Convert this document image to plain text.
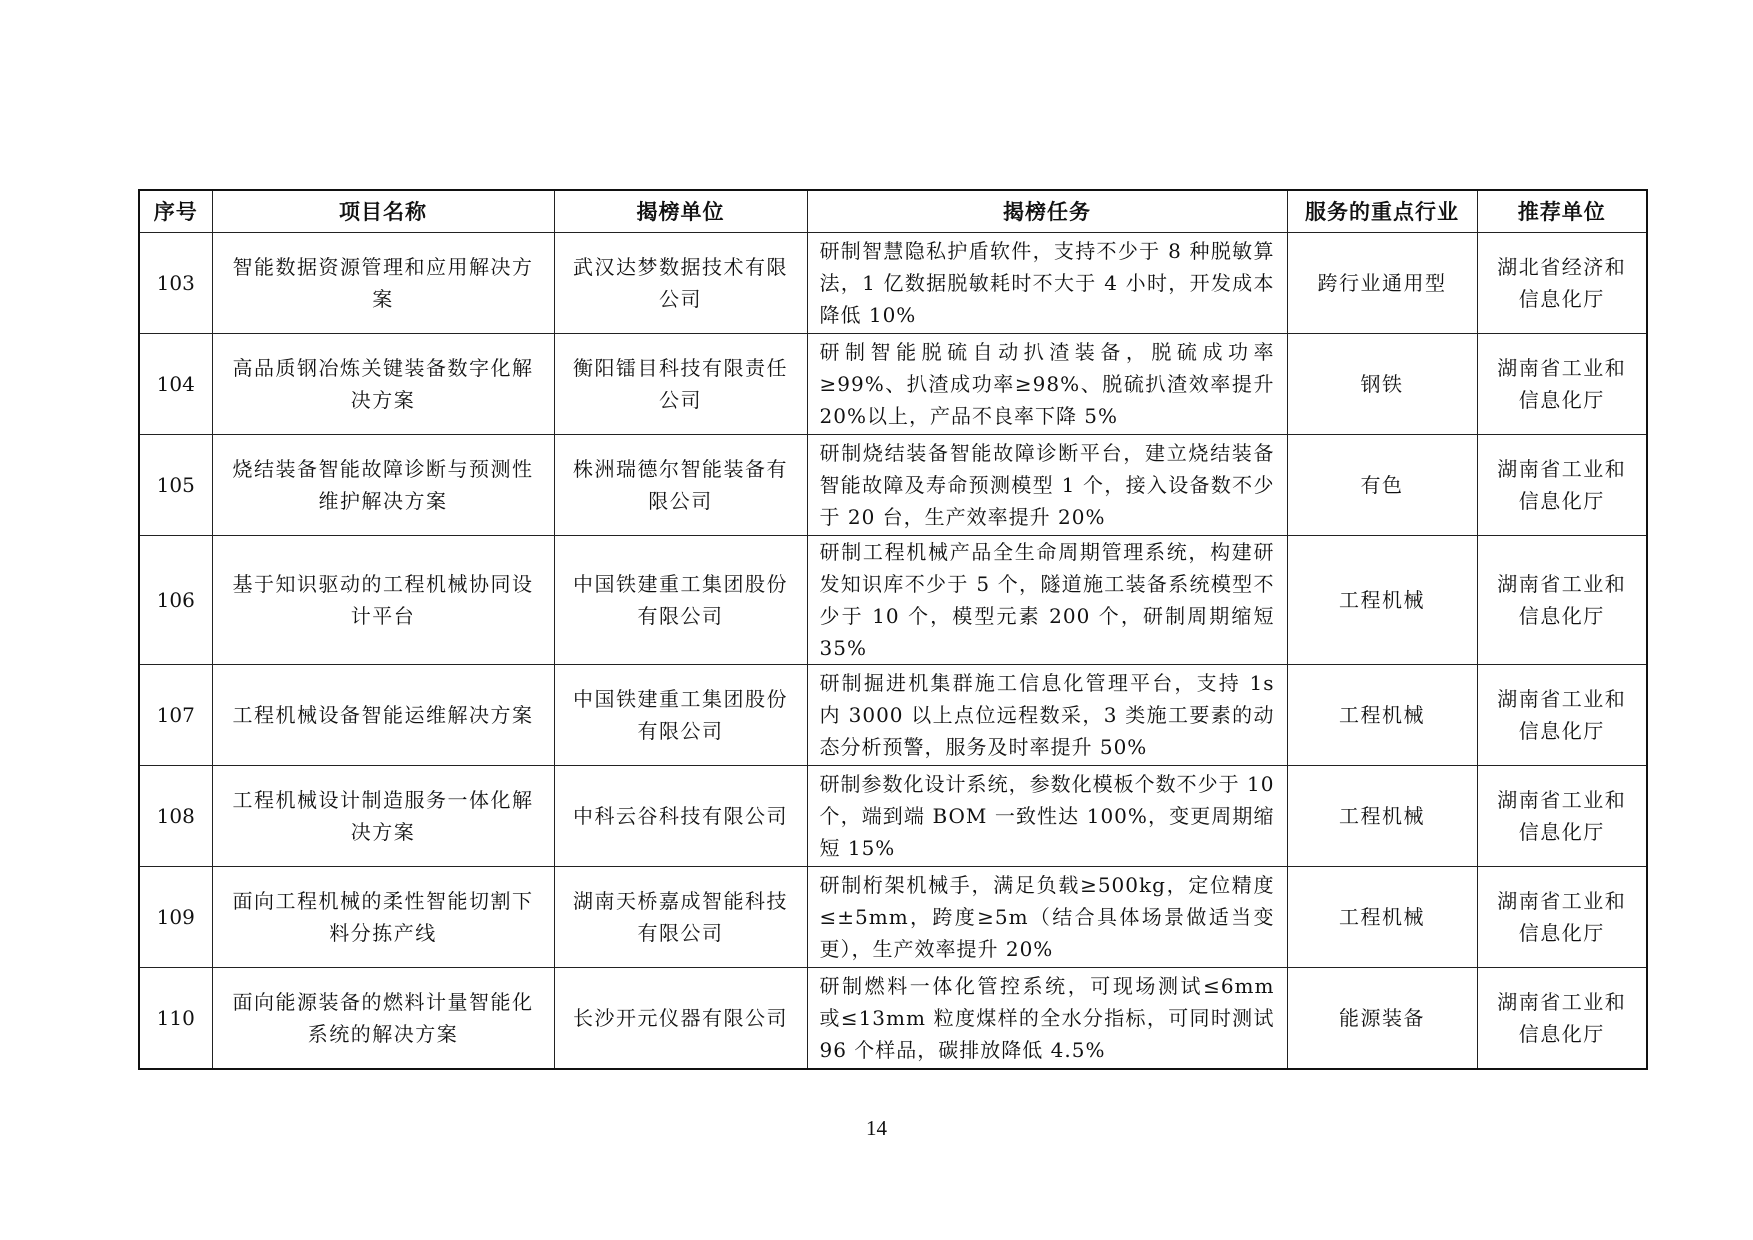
序号	项目名称	揭榜单位	揭榜任务	服务的重点行业	推荐单位
103	智能数据资源管理和应用解决方案	武汉达梦数据技术有限公司	研制智慧隐私护盾软件，支持不少于 8 种脱敏算法，1 亿数据脱敏耗时不大于 4 小时，开发成本降低 10%	跨行业通用型	湖北省经济和信息化厅
104	高品质钢冶炼关键装备数字化解决方案	衡阳镭目科技有限责任公司	研制智能脱硫自动扒渣装备，脱硫成功率≥99%、扒渣成功率≥98%、脱硫扒渣效率提升 20%以上，产品不良率下降 5%	钢铁	湖南省工业和信息化厅
105	烧结装备智能故障诊断与预测性维护解决方案	株洲瑞德尔智能装备有限公司	研制烧结装备智能故障诊断平台，建立烧结装备智能故障及寿命预测模型 1 个，接入设备数不少于 20 台，生产效率提升 20%	有色	湖南省工业和信息化厅
106	基于知识驱动的工程机械协同设计平台	中国铁建重工集团股份有限公司	研制工程机械产品全生命周期管理系统，构建研发知识库不少于 5 个，隧道施工装备系统模型不少于 10 个，模型元素 200 个，研制周期缩短 35%	工程机械	湖南省工业和信息化厅
107	工程机械设备智能运维解决方案	中国铁建重工集团股份有限公司	研制掘进机集群施工信息化管理平台，支持 1s 内 3000 以上点位远程数采，3 类施工要素的动态分析预警，服务及时率提升 50%	工程机械	湖南省工业和信息化厅
108	工程机械设计制造服务一体化解决方案	中科云谷科技有限公司	研制参数化设计系统，参数化模板个数不少于 10 个，端到端 BOM 一致性达 100%，变更周期缩短 15%	工程机械	湖南省工业和信息化厅
109	面向工程机械的柔性智能切割下料分拣产线	湖南天桥嘉成智能科技有限公司	研制桁架机械手，满足负载≥500kg，定位精度≤±5mm，跨度≥5m（结合具体场景做适当变更），生产效率提升 20%	工程机械	湖南省工业和信息化厅
110	面向能源装备的燃料计量智能化系统的解决方案	长沙开元仪器有限公司	研制燃料一体化管控系统，可现场测试≤6mm 或≤13mm 粒度煤样的全水分指标，可同时测试 96 个样品，碳排放降低 4.5%	能源装备	湖南省工业和信息化厅
14
